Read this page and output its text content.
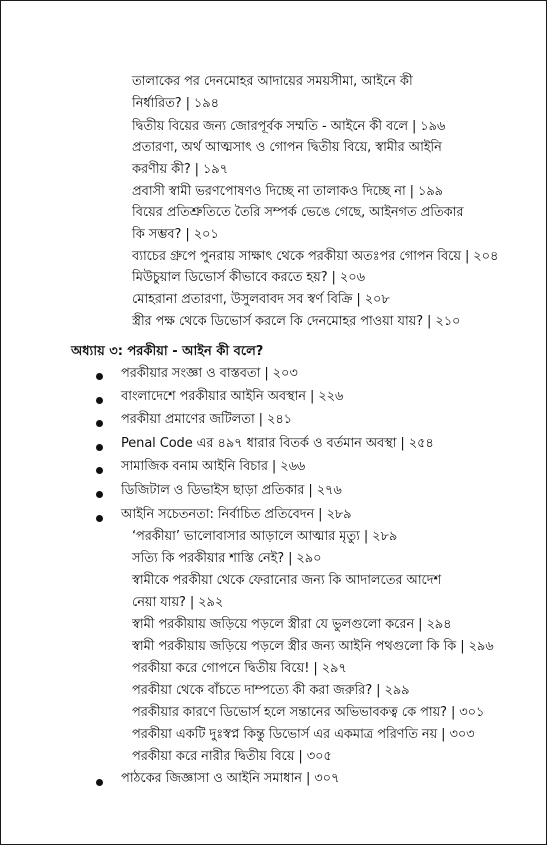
তালাকের পর দেনমোহর আদায়ের সময়সীমা, আইনে কী
নির্ধারিত? | ১৯৪
দ্বিতীয় বিয়ের জন্য জোরপূর্বক সম্মতি - আইনে কী বলে | ১৯৬
প্রতারণা, অর্থ আত্মসাৎ ও গোপন দ্বিতীয় বিয়ে, স্বামীর আইনি
করণীয় কী? | ১৯৭
প্রবাসী স্বামী ভরণপোষণও দিচ্ছে না তালাকও দিচ্ছে না | ১৯৯
বিয়ের প্রতিশ্রুতিতে তৈরি সম্পর্ক ভেঙে গেছে, আইনগত প্রতিকার
কি সম্ভব? | ২০১
ব্যাচের গ্রুপে পুনরায় সাক্ষাৎ থেকে পরকীয়া অতঃপর গোপন বিয়ে | ২০৪
মিউচুয়াল ডিভোর্স কীভাবে করতে হয়? | ২০৬
মোহরানা প্রতারণা, উসুলবাবদ সব স্বর্ণ বিক্রি | ২০৮
স্ত্রীর পক্ষ থেকে ডিভোর্স করলে কি দেনমোহর পাওয়া যায়? | ২১০
অধ্যায় ৩: পরকীয়া - আইন কী বলে?
পরকীয়ার সংজ্ঞা ও বাস্তবতা | ২০৩
বাংলাদেশে পরকীয়ার আইনি অবস্থান | ২২৬
পরকীয়া প্রমাণের জটিলতা | ২৪১
Penal Code এর ৪৯৭ ধারার বিতর্ক ও বর্তমান অবস্থা | ২৫৪
সামাজিক বনাম আইনি বিচার | ২৬৬
ডিজিটাল ও ডিভাইস ছাড়া প্রতিকার | ২৭৬
আইনি সচেতনতা: নির্বাচিত প্রতিবেদন | ২৮৯
‘পরকীয়া’ ভালোবাসার আড়ালে আত্মার মৃত্যু | ২৮৯
সত্যি কি পরকীয়ার শাস্তি নেই? | ২৯০
স্বামীকে পরকীয়া থেকে ফেরানোর জন্য কি আদালতের আদেশ
নেয়া যায়? | ২৯২
স্বামী পরকীয়ায় জড়িয়ে পড়লে স্ত্রীরা যে ভুলগুলো করেন | ২৯৪
স্বামী পরকীয়ায় জড়িয়ে পড়লে স্ত্রীর জন্য আইনি পথগুলো কি কি | ২৯৬
পরকীয়া করে গোপনে দ্বিতীয় বিয়ে! | ২৯৭
পরকীয়া থেকে বাঁচতে দাম্পত্যে কী করা জরুরি? | ২৯৯
পরকীয়ার কারণে ডিভোর্স হলে সন্তানের অভিভাবকত্ব কে পায়? | ৩০১
পরকীয়া একটি দুঃস্বপ্ন কিন্তু ডিভোর্স এর একমাত্র পরিণতি নয় | ৩০৩
পরকীয়া করে নারীর দ্বিতীয় বিয়ে | ৩০৫
পাঠকের জিজ্ঞাসা ও আইনি সমাধান | ৩০৭
